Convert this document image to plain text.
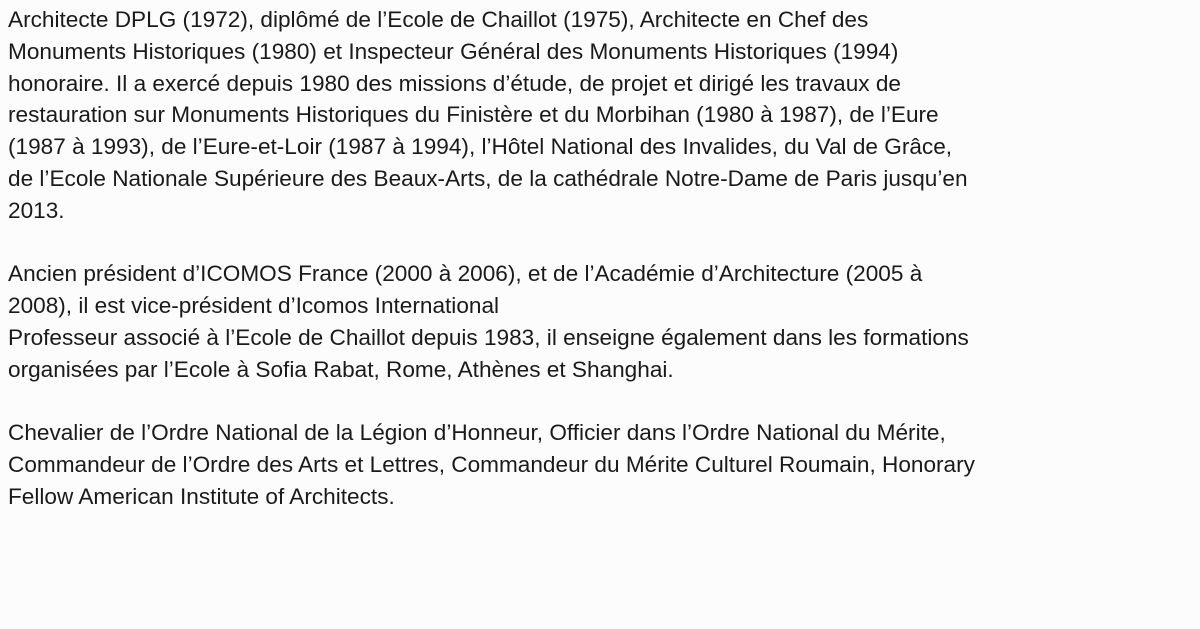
Architecte DPLG (1972), diplômé de l’Ecole de Chaillot (1975), Architecte en Chef des
Monuments Historiques (1980) et Inspecteur Général des Monuments Historiques (1994)
honoraire. Il a exercé depuis 1980 des missions d’étude, de projet et dirigé les travaux de
restauration sur Monuments Historiques du Finistère et du Morbihan (1980 à 1987), de l’Eure
(1987 à 1993), de l’Eure-et-Loir (1987 à 1994), l’Hôtel National des Invalides, du Val de Grâce,
de l’Ecole Nationale Supérieure des Beaux-Arts, de la cathédrale Notre-Dame de Paris jusqu’en
2013.

Ancien président d’ICOMOS France (2000 à 2006), et de l’Académie d’Architecture (2005 à
2008), il est vice-président d’Icomos International
Professeur associé à l’Ecole de Chaillot depuis 1983, il enseigne également dans les formations
organisées par l’Ecole à Sofia Rabat, Rome, Athènes et Shanghai.

Chevalier de l’Ordre National de la Légion d’Honneur, Officier dans l’Ordre National du Mérite,
Commandeur de l’Ordre des Arts et Lettres, Commandeur du Mérite Culturel Roumain, Honorary
Fellow American Institute of Architects.
